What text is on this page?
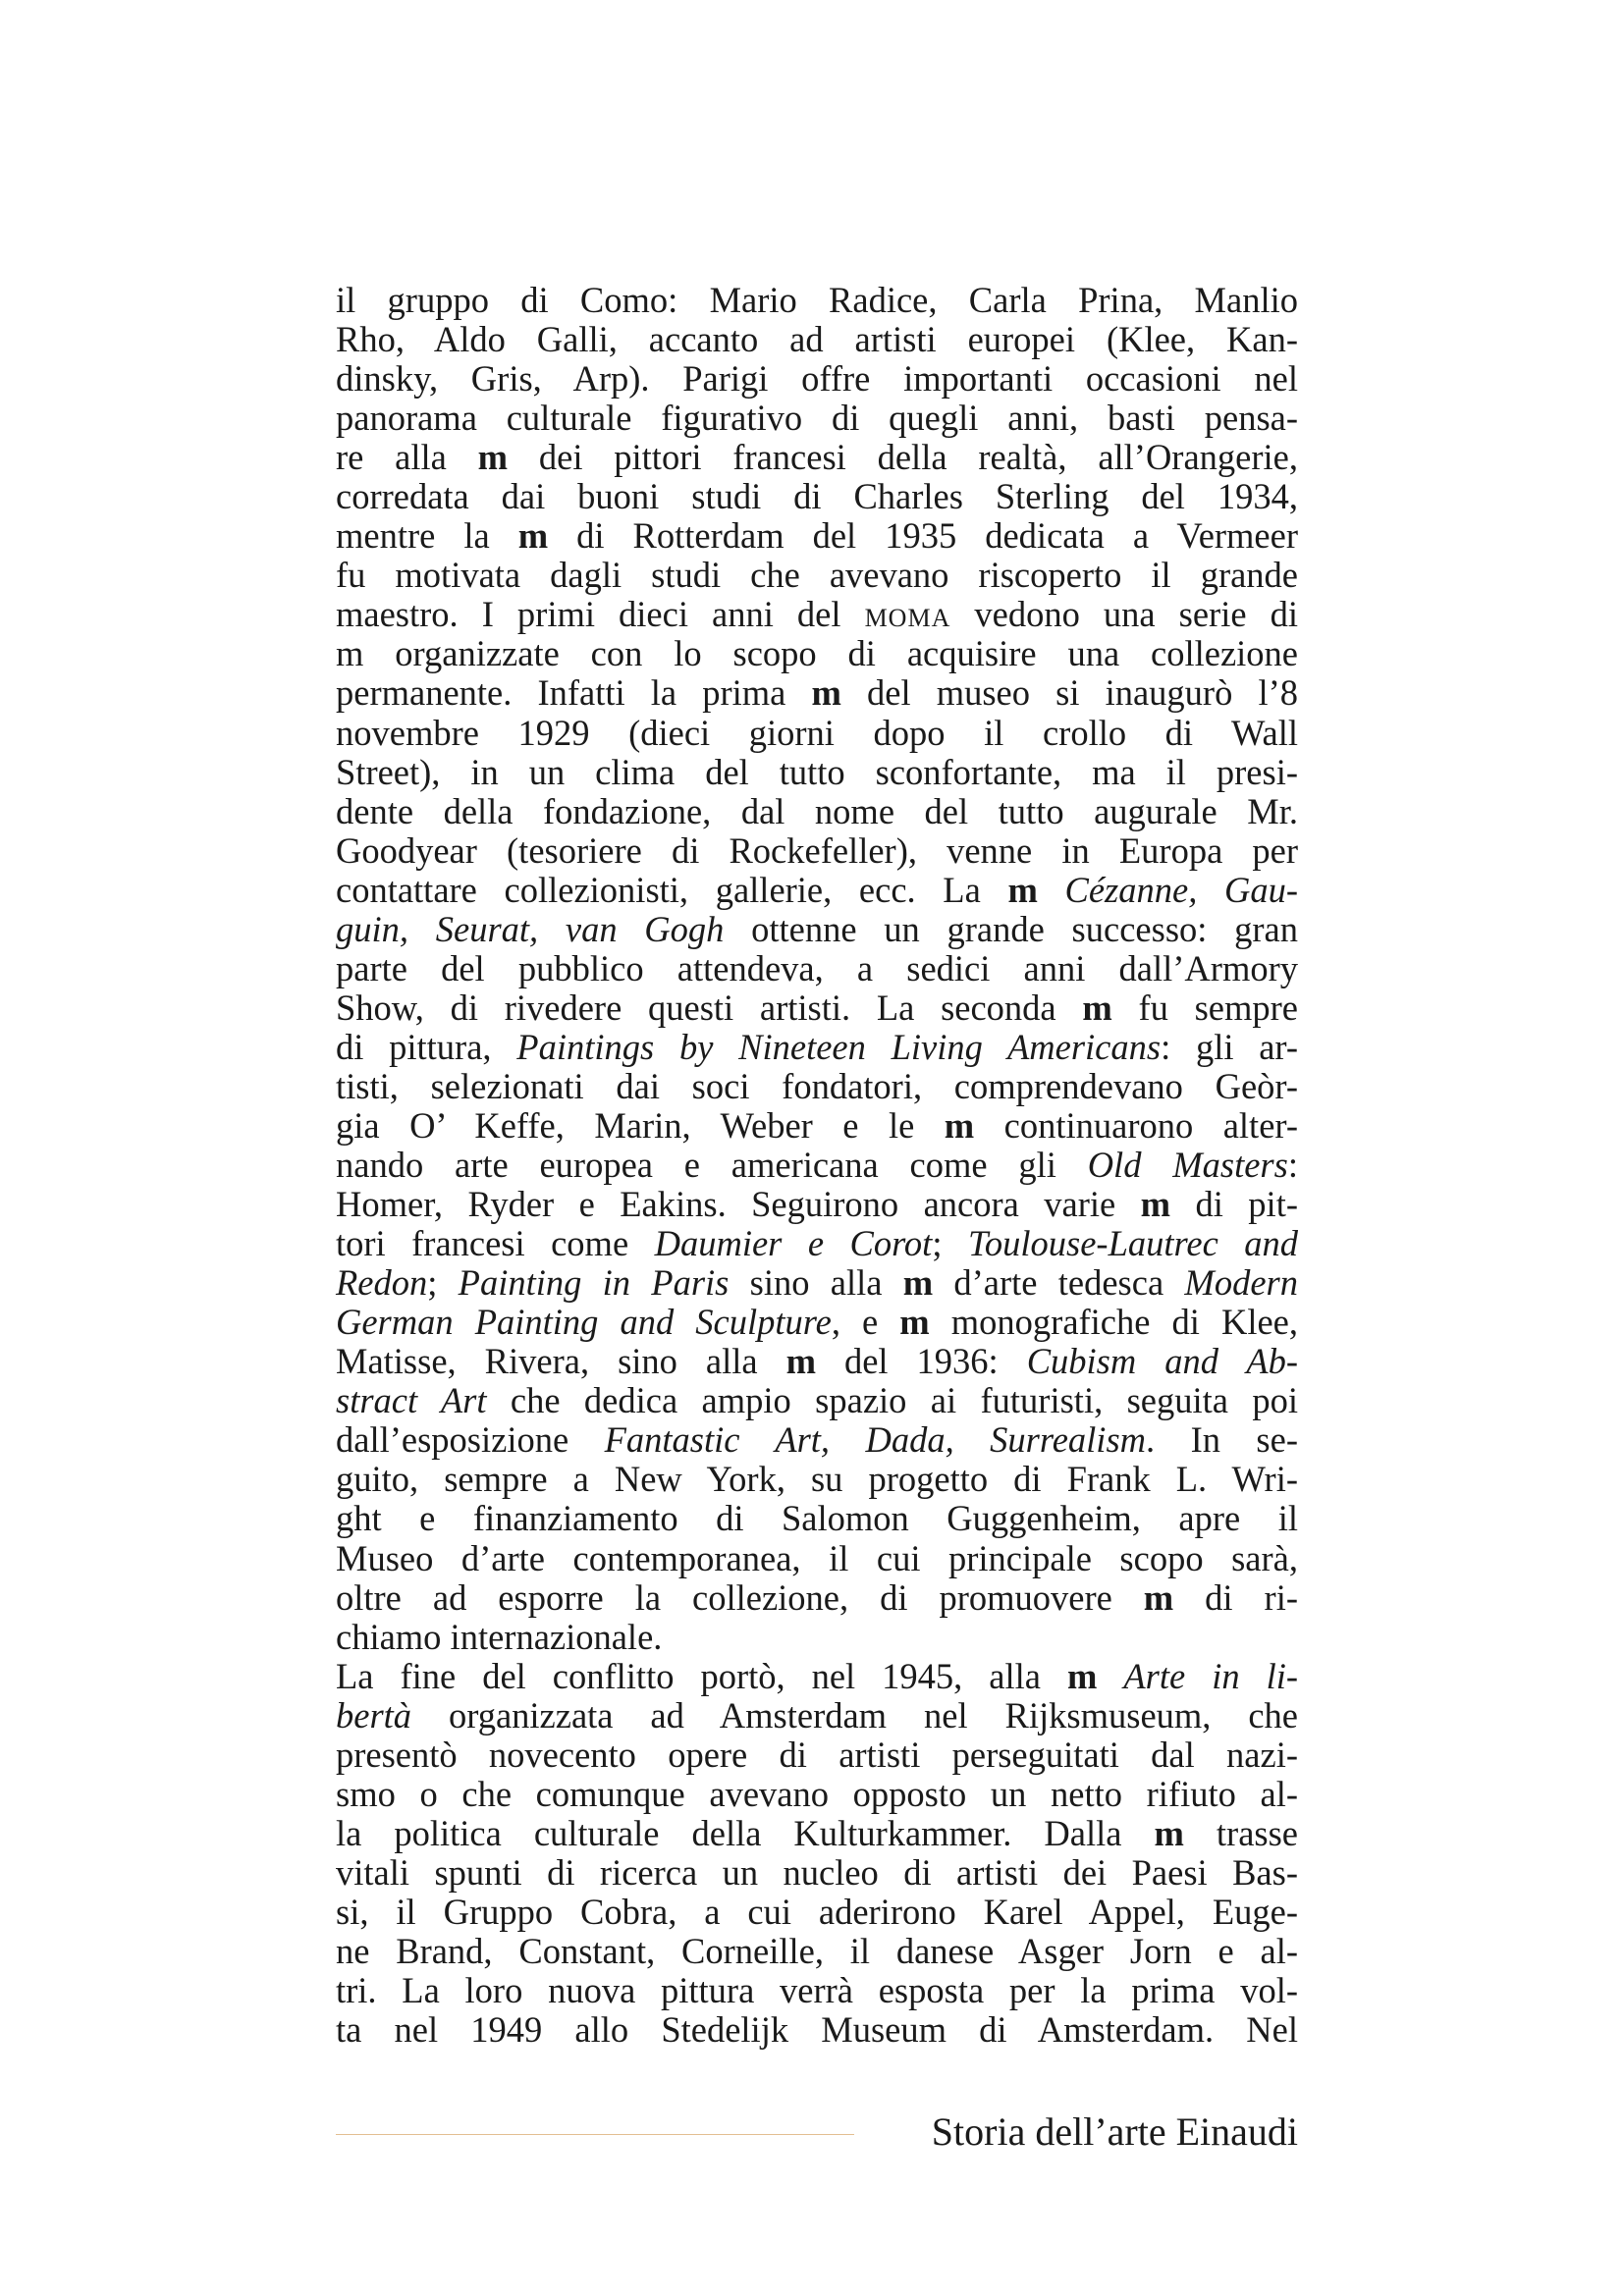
il gruppo di Como: Mario Radice, Carla Prina, Manlio
Rho, Aldo Galli, accanto ad artisti europei (Klee, Kan-
dinsky, Gris, Arp). Parigi offre importanti occasioni nel
panorama culturale figurativo di quegli anni, basti pensa-
re alla m dei pittori francesi della realtà, all’Orangerie,
corredata dai buoni studi di Charles Sterling del 1934,
mentre la m di Rotterdam del 1935 dedicata a Vermeer
fu motivata dagli studi che avevano riscoperto il grande
maestro. I primi dieci anni del moma vedono una serie di
m organizzate con lo scopo di acquisire una collezione
permanente. Infatti la prima m del museo si inaugurò l’8
novembre 1929 (dieci giorni dopo il crollo di Wall
Street), in un clima del tutto sconfortante, ma il presi-
dente della fondazione, dal nome del tutto augurale Mr.
Goodyear (tesoriere di Rockefeller), venne in Europa per
contattare collezionisti, gallerie, ecc. La m Cézanne, Gau-
guin, Seurat, van Gogh ottenne un grande successo: gran
parte del pubblico attendeva, a sedici anni dall’Armory
Show, di rivedere questi artisti. La seconda m fu sempre
di pittura, Paintings by Nineteen Living Americans: gli ar-
tisti, selezionati dai soci fondatori, comprendevano Geòr-
gia O’ Keffe, Marin, Weber e le m continuarono alter-
nando arte europea e americana come gli Old Masters:
Homer, Ryder e Eakins. Seguirono ancora varie m di pit-
tori francesi come Daumier e Corot; Toulouse-Lautrec and
Redon; Painting in Paris sino alla m d’arte tedesca Modern
German Painting and Sculpture, e m monografiche di Klee,
Matisse, Rivera, sino alla m del 1936: Cubism and Ab-
stract Art che dedica ampio spazio ai futuristi, seguita poi
dall’esposizione Fantastic Art, Dada, Surrealism. In se-
guito, sempre a New York, su progetto di Frank L. Wri-
ght e finanziamento di Salomon Guggenheim, apre il
Museo d’arte contemporanea, il cui principale scopo sarà,
oltre ad esporre la collezione, di promuovere m di ri-
chiamo internazionale.
La fine del conflitto portò, nel 1945, alla m Arte in li-
bertà organizzata ad Amsterdam nel Rijksmuseum, che
presentò novecento opere di artisti perseguitati dal nazi-
smo o che comunque avevano opposto un netto rifiuto al-
la politica culturale della Kulturkammer. Dalla m trasse
vitali spunti di ricerca un nucleo di artisti dei Paesi Bas-
si, il Gruppo Cobra, a cui aderirono Karel Appel, Euge-
ne Brand, Constant, Corneille, il danese Asger Jorn e al-
tri. La loro nuova pittura verrà esposta per la prima vol-
ta nel 1949 allo Stedelijk Museum di Amsterdam. Nel
Storia dell’arte Einaudi
